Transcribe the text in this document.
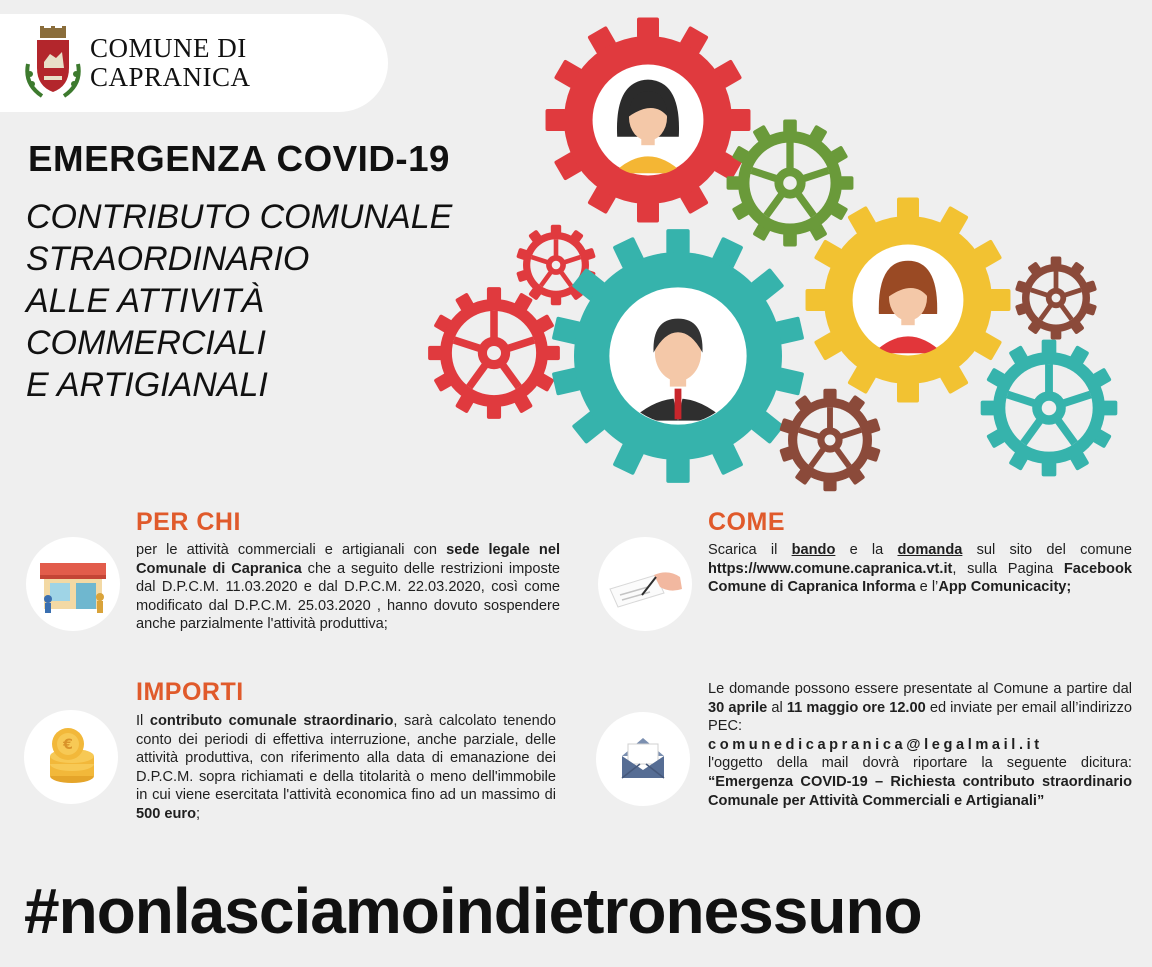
COMUNE DI
CAPRANICA
EMERGENZA COVID-19
CONTRIBUTO COMUNALE
STRAORDINARIO
ALLE ATTIVITÀ
COMMERCIALI
E ARTIGIANALI
PER CHI
per le attività commerciali e artigianali con sede legale nel Comunale di Capranica che a seguito delle restrizioni imposte dal D.P.C.M. 11.03.2020 e dal D.P.C.M. 22.03.2020, così come modificato dal D.P.C.M. 25.03.2020 , hanno dovuto sospendere anche parzialmente l'attività produttiva;
€
IMPORTI
Il contributo comunale straordinario, sarà calcolato tenendo conto dei periodi di effettiva interruzione, anche parziale, delle attività produttiva, con riferimento alla data di emanazione dei D.P.C.M. sopra richiamati e della titolarità o meno dell'immobile in cui viene esercitata l'attività economica fino ad un massimo di 500 euro;
COME
Scarica il bando e la domanda sul sito del comune https://www.comune.capranica.vt.it, sulla Pagina Facebook Comune di Capranica Informa e l’App Comunicacity;
Le domande possono essere presentate al Comune a partire dal 30 aprile al 11 maggio ore 12.00 ed inviate per email all’indirizzo PEC:
comunedicapranica@legalmail.it
l'oggetto della mail dovrà riportare la seguente dicitura: “Emergenza COVID-19 – Richiesta contributo straordinario Comunale per Attività Commerciali e Artigianali”
#nonlasciamoindietronessuno
